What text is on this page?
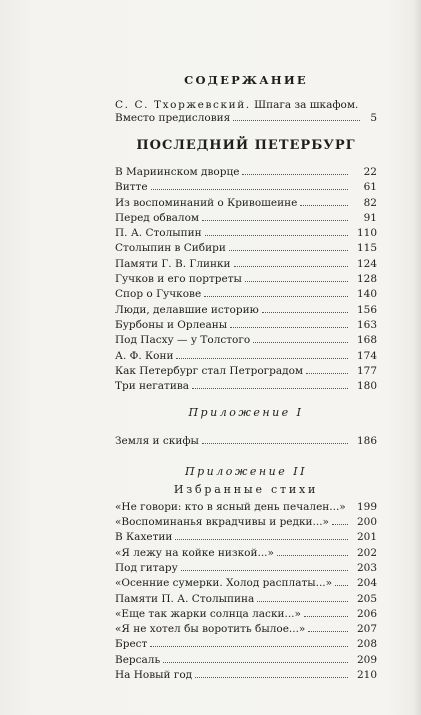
СОДЕРЖАНИЕ
С. С. Тхоржевский. Шпага за шкафом.
Вместо предисловия	5
ПОСЛЕДНИЙ ПЕТЕРБУРГ
В Мариинском дворце	22
Витте	61
Из воспоминаний о Кривошеине	82
Перед обвалом	91
П. А. Столыпин	110
Столыпин в Сибири	115
Памяти Г. В. Глинки	124
Гучков и его портреты	128
Спор о Гучкове	140
Люди, делавшие историю	156
Бурбоны и Орлеаны	163
Под Пасху — у Толстого	168
А. Ф. Кони	174
Как Петербург стал Петроградом	177
Три негатива	180
Приложение I
Земля и скифы	186
Приложение II
Избранные стихи
«Не говори: кто в ясный день печален...»	199
«Воспоминанья вкрадчивы и редки...»	200
В Кахетии	201
«Я лежу на койке низкой...»	202
Под гитару	203
«Осенние сумерки. Холод расплаты...»	204
Памяти П. А. Столыпина	205
«Еще так жарки солнца ласки...»	206
«Я не хотел бы воротить былое...»	207
Брест	208
Версаль	209
На Новый год	210
